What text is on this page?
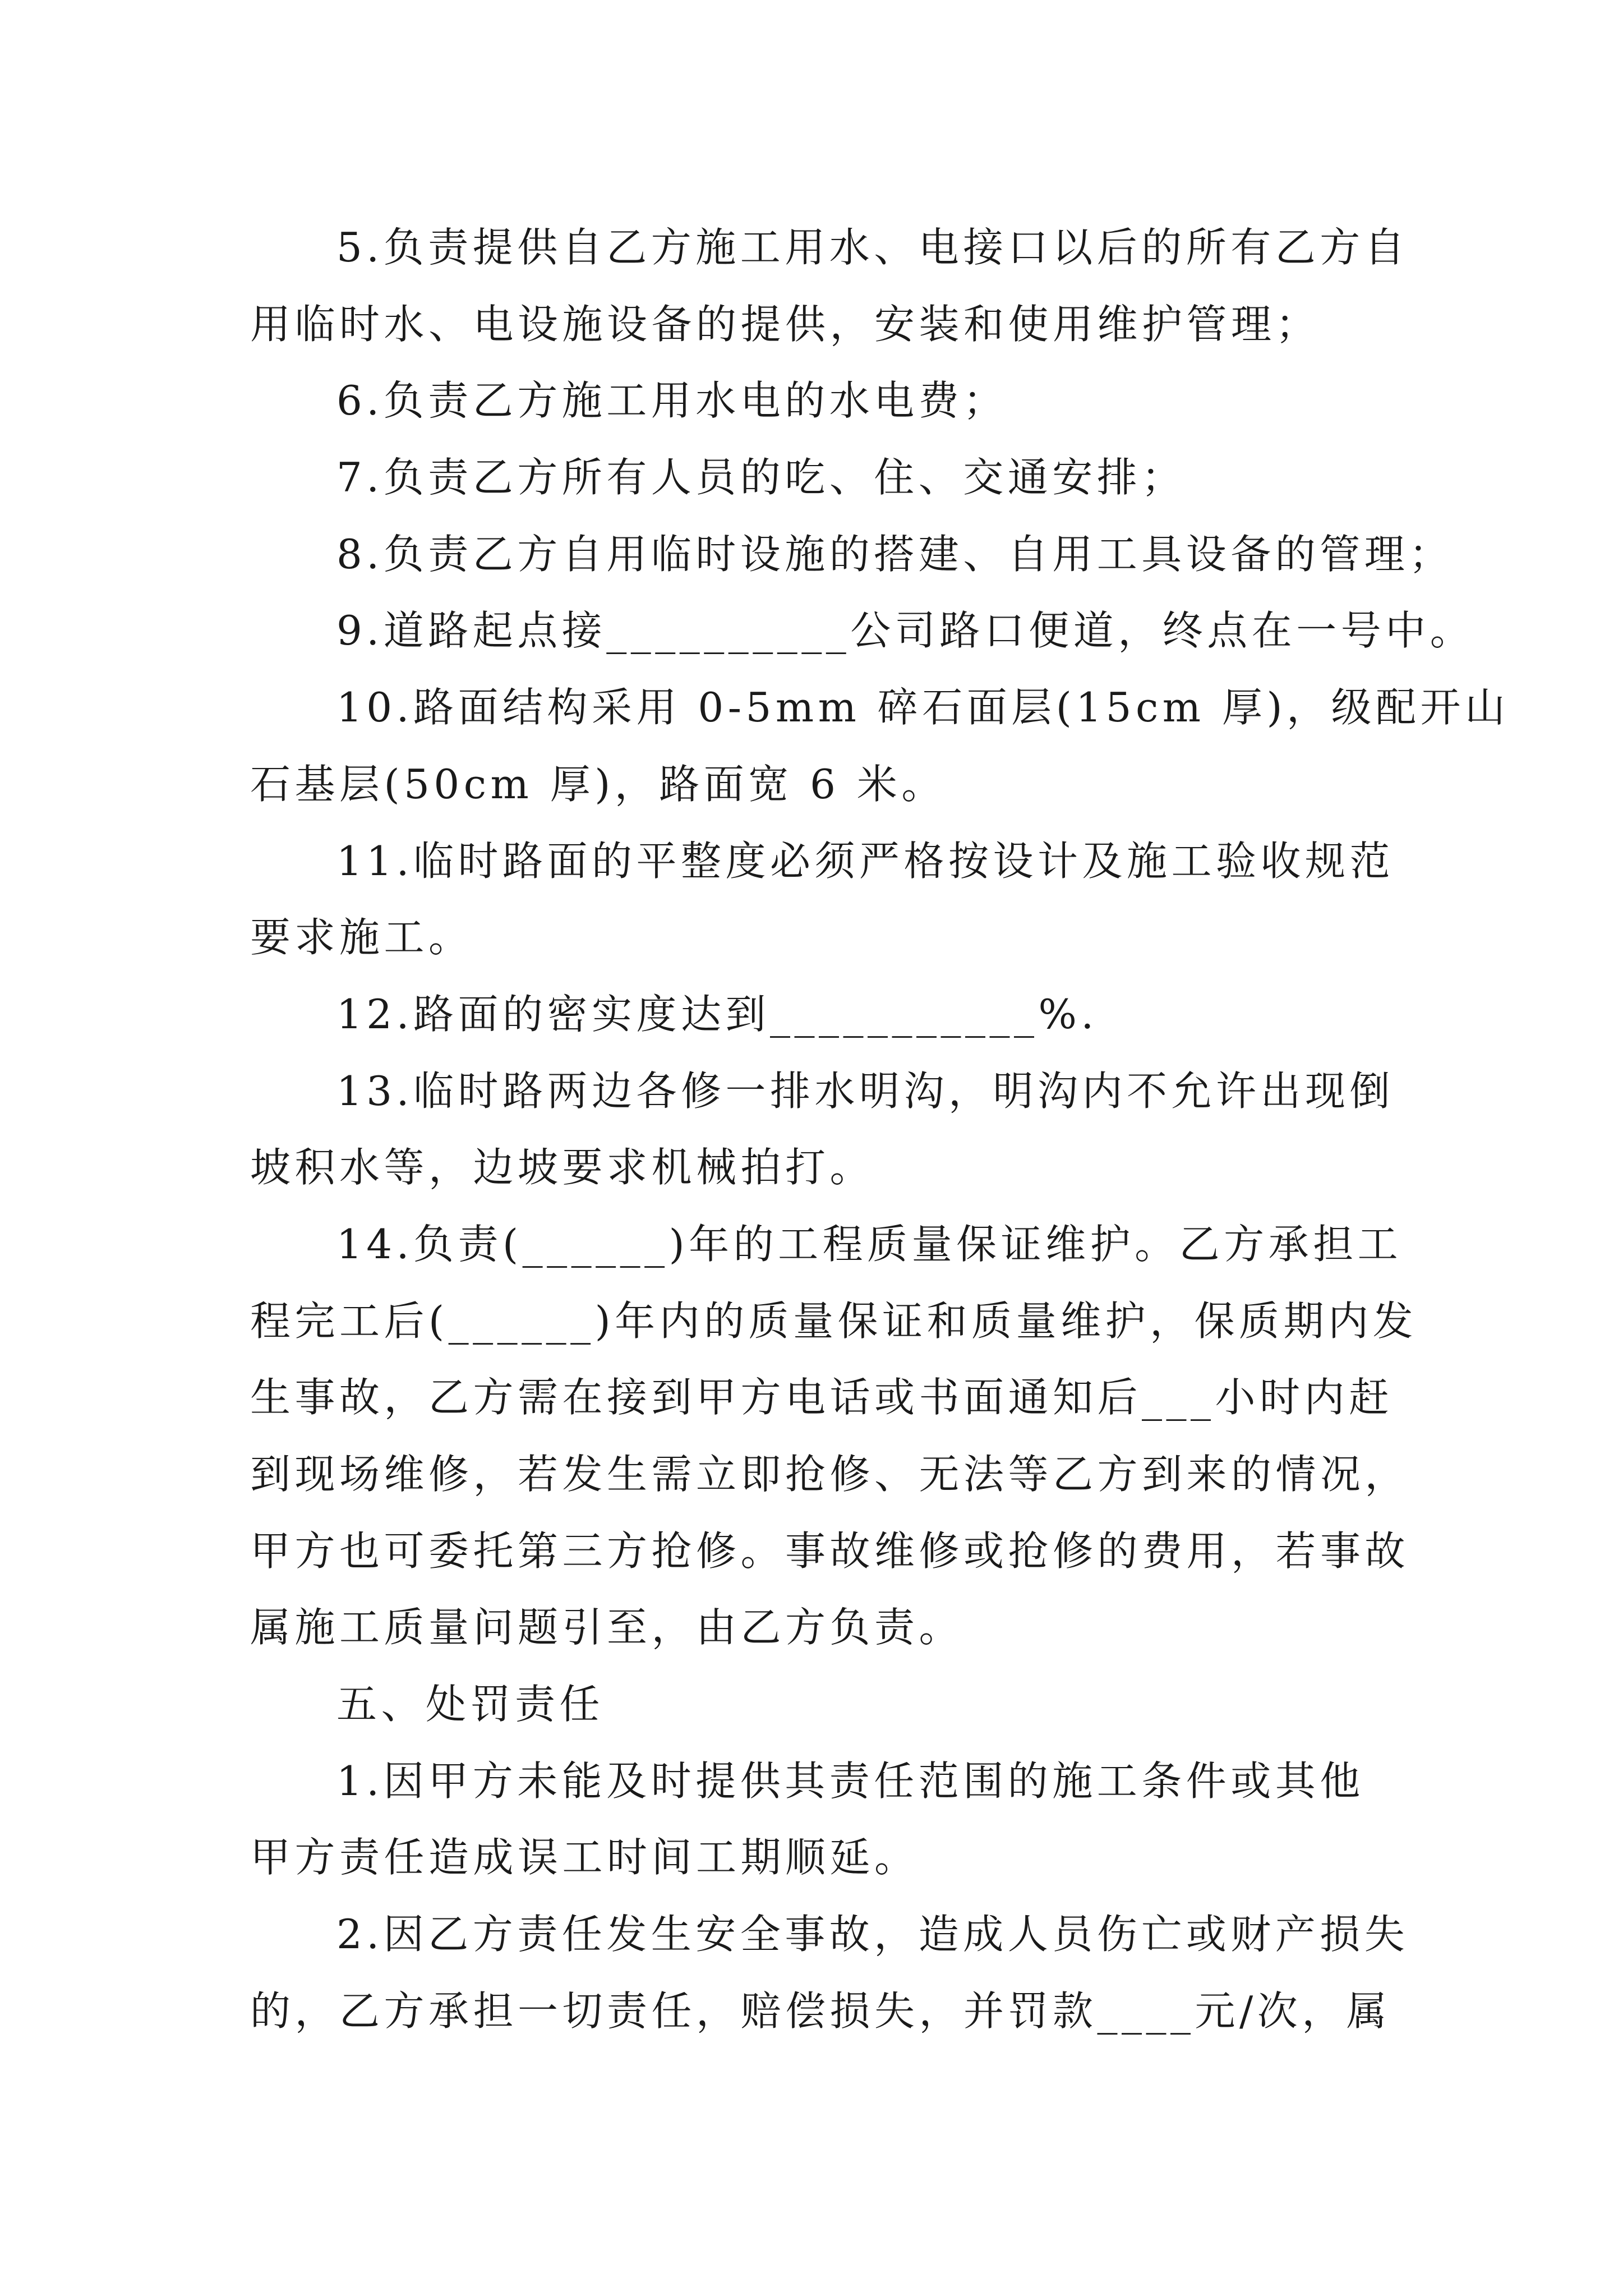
5.负责提供自乙方施工用水、电接口以后的所有乙方自
用临时水、电设施设备的提供，安装和使用维护管理；
6.负责乙方施工用水电的水电费；
7.负责乙方所有人员的吃、住、交通安排；
8.负责乙方自用临时设施的搭建、自用工具设备的管理；
9.道路起点接__________公司路口便道，终点在一号中。
10.路面结构采用 0-5mm 碎石面层(15cm 厚)，级配开山
石基层(50cm 厚)，路面宽 6 米。
11.临时路面的平整度必须严格按设计及施工验收规范
要求施工。
12.路面的密实度达到___________%.
13.临时路两边各修一排水明沟，明沟内不允许出现倒
坡积水等，边坡要求机械拍打。
14.负责(______)年的工程质量保证维护。乙方承担工
程完工后(______)年内的质量保证和质量维护，保质期内发
生事故，乙方需在接到甲方电话或书面通知后___小时内赶
到现场维修，若发生需立即抢修、无法等乙方到来的情况，
甲方也可委托第三方抢修。事故维修或抢修的费用，若事故
属施工质量问题引至，由乙方负责。
五、处罚责任
1.因甲方未能及时提供其责任范围的施工条件或其他
甲方责任造成误工时间工期顺延。
2.因乙方责任发生安全事故，造成人员伤亡或财产损失
的，乙方承担一切责任，赔偿损失，并罚款____元/次，属
